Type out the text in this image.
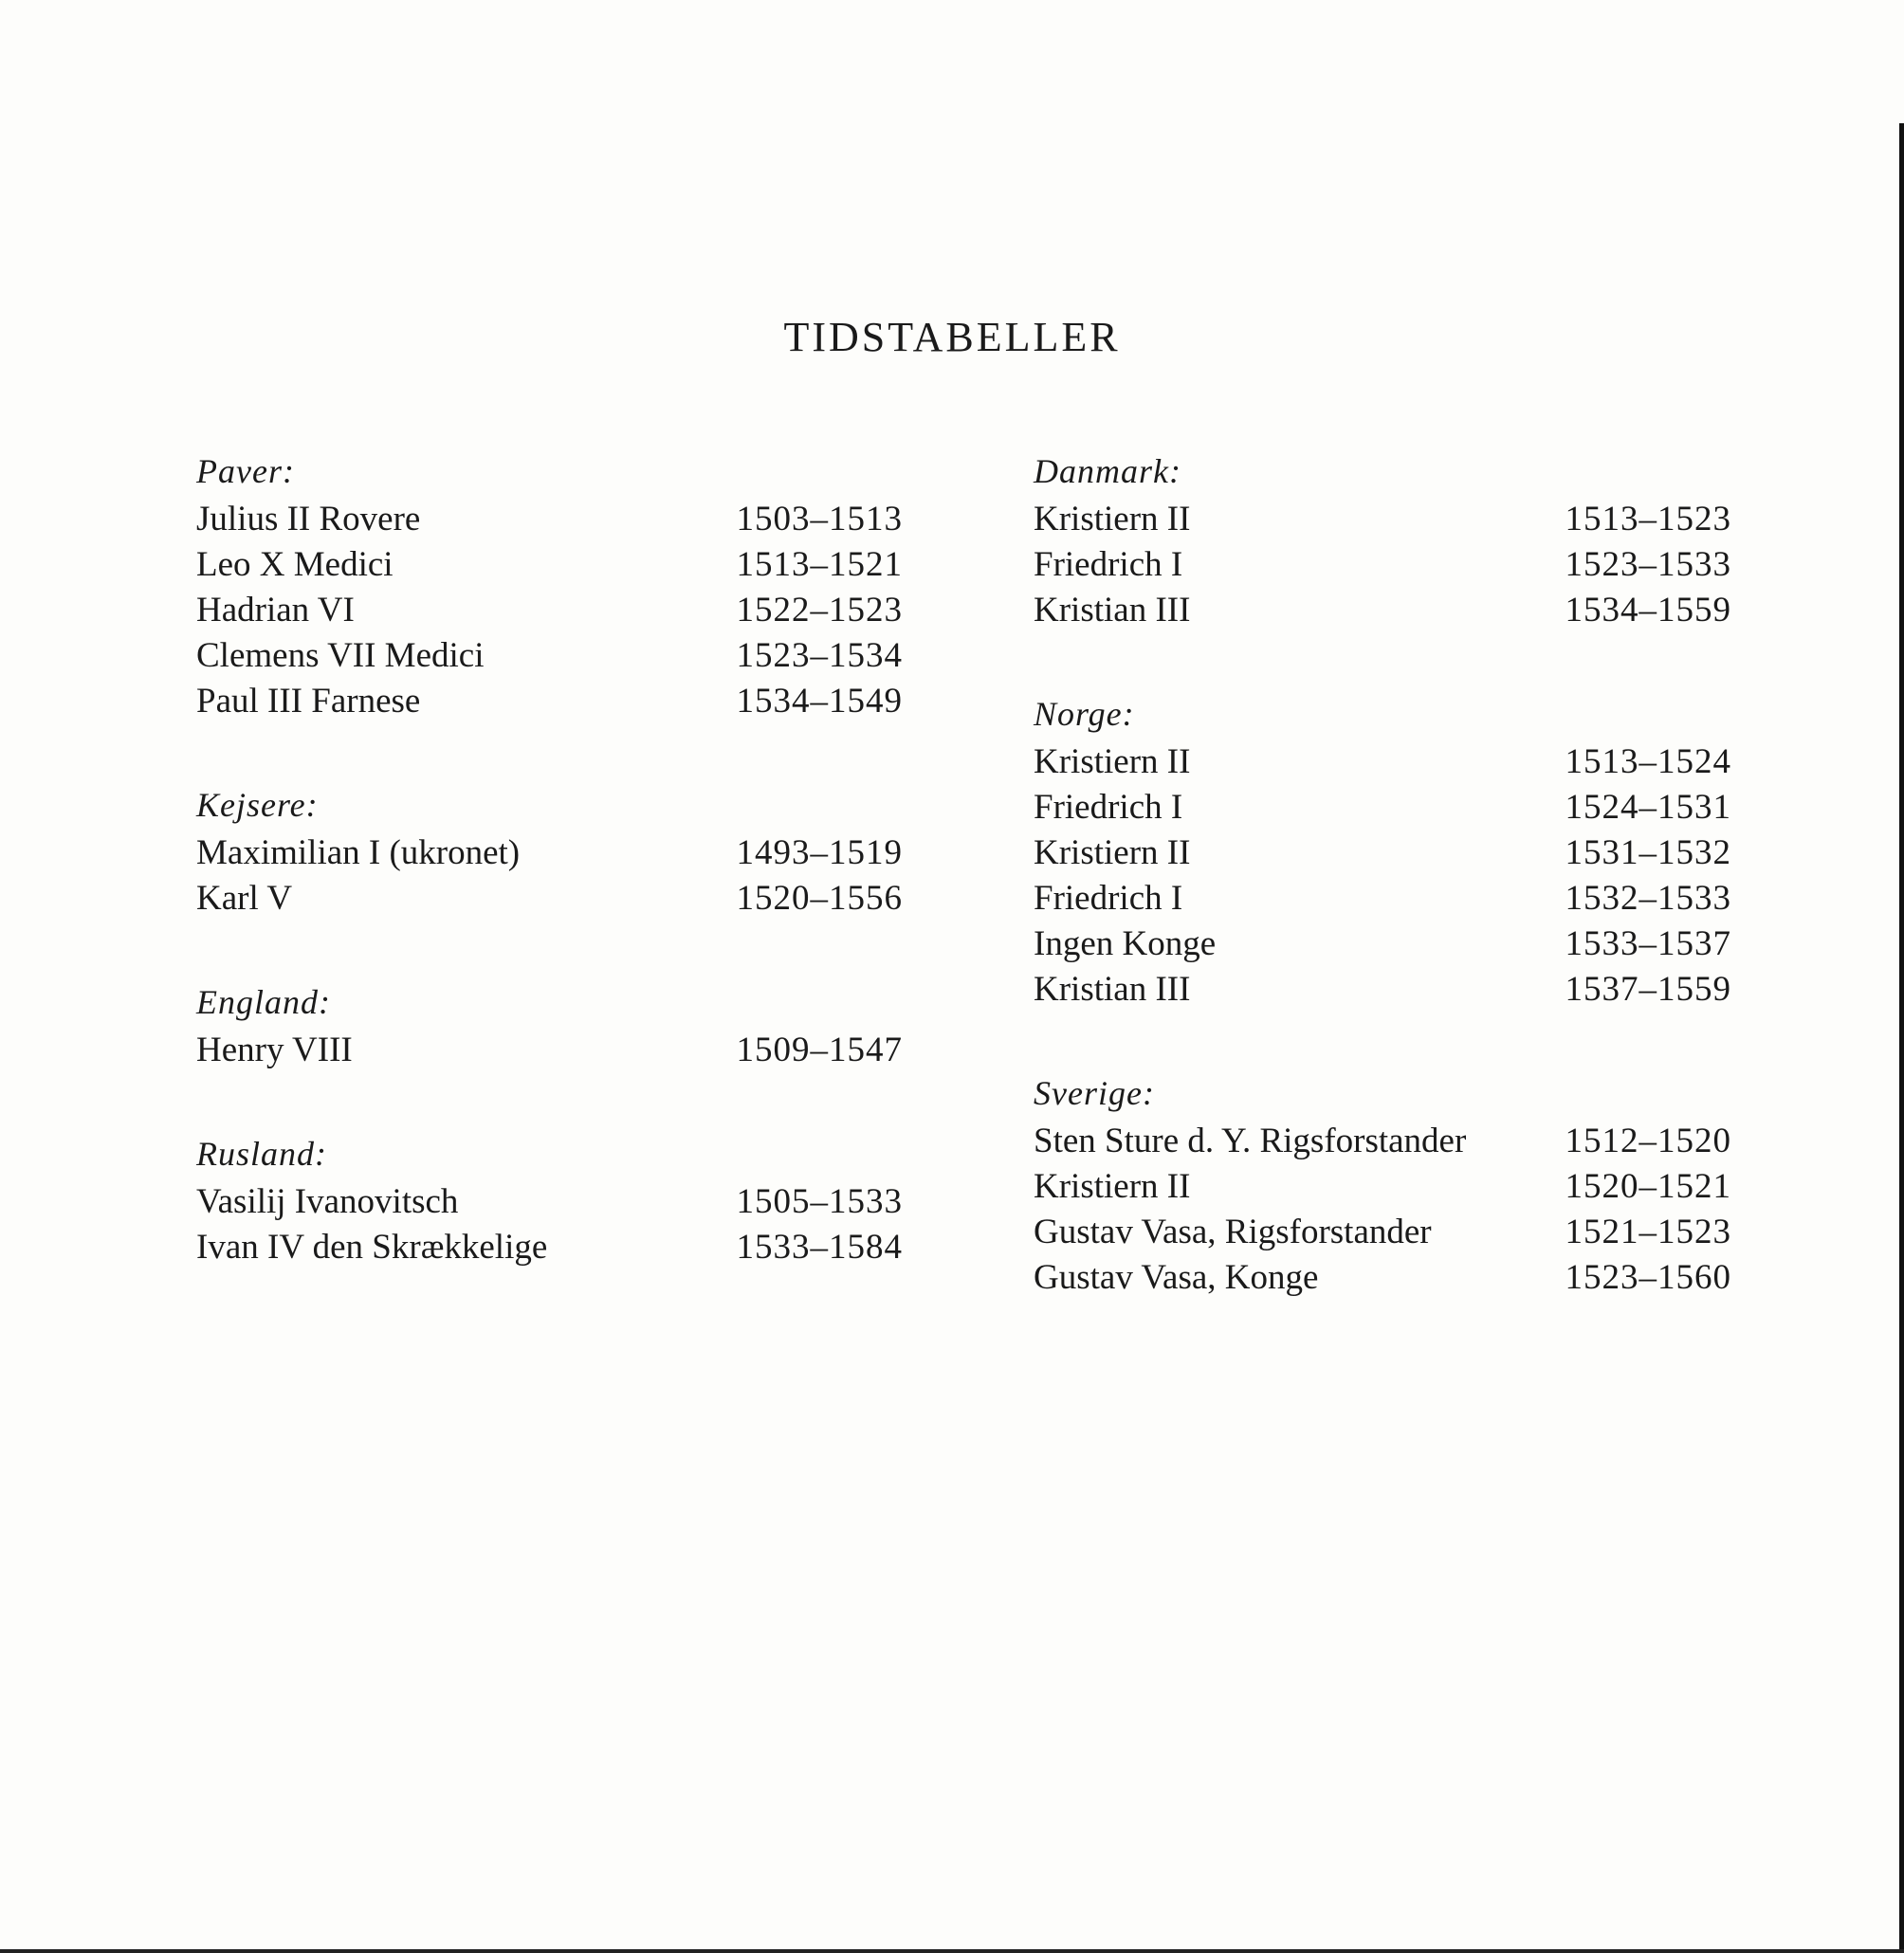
TIDSTABELLER
Paver:
Julius II Rovere	1503–1513
Leo X Medici	1513–1521
Hadrian VI	1522–1523
Clemens VII Medici	1523–1534
Paul III Farnese	1534–1549
Kejsere:
Maximilian I (ukronet)	1493–1519
Karl V	1520–1556
England:
Henry VIII	1509–1547
Rusland:
Vasilij Ivanovitsch	1505–1533
Ivan IV den Skrækkelige	1533–1584
Danmark:
Kristiern II	1513–1523
Friedrich I	1523–1533
Kristian III	1534–1559
Norge:
Kristiern II	1513–1524
Friedrich I	1524–1531
Kristiern II	1531–1532
Friedrich I	1532–1533
Ingen Konge	1533–1537
Kristian III	1537–1559
Sverige:
Sten Sture d. Y. Rigsforstander	1512–1520
Kristiern II	1520–1521
Gustav Vasa, Rigsforstander	1521–1523
Gustav Vasa, Konge	1523–1560
